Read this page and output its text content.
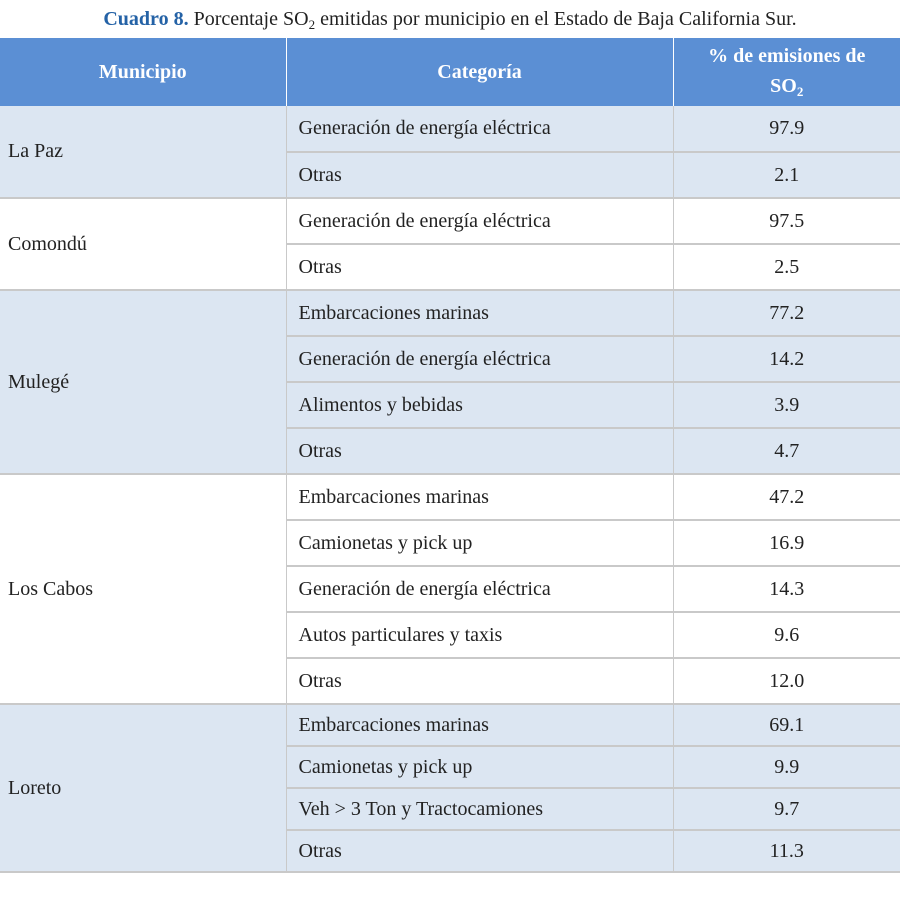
Cuadro 8. Porcentaje $SO_2$ emitidas por municipio en el Estado de Baja California Sur.
Municipio	Categoría	% de emisiones de
$SO_2$
La Paz	Generación de energía eléctrica	97.9
	Otras	2.1
Comondú	Generación de energía eléctrica	97.5
	Otras	2.5
Mulegé	Embarcaciones marinas	77.2
	Generación de energía eléctrica	14.2
	Alimentos y bebidas	3.9
	Otras	4.7
Los Cabos	Embarcaciones marinas	47.2
	Camionetas y pick up	16.9
	Generación de energía eléctrica	14.3
	Autos particulares y taxis	9.6
	Otras	12.0
Loreto	Embarcaciones marinas	69.1
	Camionetas y pick up	9.9
	Veh > 3 Ton y Tractocamiones	9.7
	Otras	11.3
